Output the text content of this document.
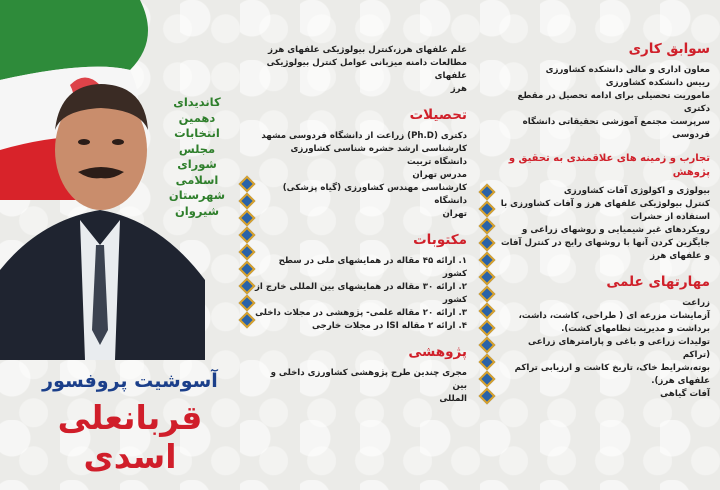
کاندیدای
دهمین
انتخابات
مجلس
شورای
اسلامی
شهرستان
شیروان
آسوشیت پروفسور
قربانعلی اسدی

علم علفهای هرز،کنترل بیولوژیکی علفهای هرز

مطالعات دامنه میزبانی عوامل کنترل بیولوژیکی علفهای

هرز

تحصیلات

دکتری (Ph.D) زراعت از دانشگاه فردوسی مشهد

کارشناسی ارشد حشره شناسی کشاورزی دانشگاه تربیت

مدرس تهران

کارشناسی مهندس کشاورزی (گیاه پزشکی) دانشگاه

تهران

مکتوبات

۱. ارائه ۴۵ مقاله در همایشهای ملی در سطح کشور

۲. ارائه ۳۰ مقاله در همایشهای بین المللی خارج از کشور

۳. ارائه ۲۰ مقاله علمی- پژوهشی در مجلات داخلی

۴. ارائه ۲ مقاله ISI در مجلات خارجی

پژوهشی

مجری چندین طرح پژوهشی کشاورزی داخلی و بین

المللی

سوابق کاری

معاون اداری و مالی دانشکده کشاورزی

رییس دانشکده کشاورزی

ماموریت تحصیلی برای ادامه تحصیل در مقطع

دکتری

سرپرست مجتمع آموزشی تحقیقاتی دانشگاه

فردوسی

تجارب و زمینه های علاقمندی به تحقیق و پژوهش

بیولوژی و اکولوژی آفات کشاورزی

کنترل بیولوژیکی علفهای هرز و آفات کشاورزی با

استفاده از حشرات

رویکردهای غیر شیمیایی و روشهای زراعی و

جایگزین کردن آنها با روشهای رایج در کنترل آفات

و علفهای هرز

مهارتهای علمی

زراعت

آزمایشات مزرعه ای ( طراحی، کاشت، داشت،

برداشت و مدیریت نظامهای کشت).

تولیدات زراعی و باغی و پارامترهای زراعی (تراکم

بوته،شرایط خاک، تاریخ کاشت و ارزیابی تراکم

علفهای هرز).

آفات گیاهی
